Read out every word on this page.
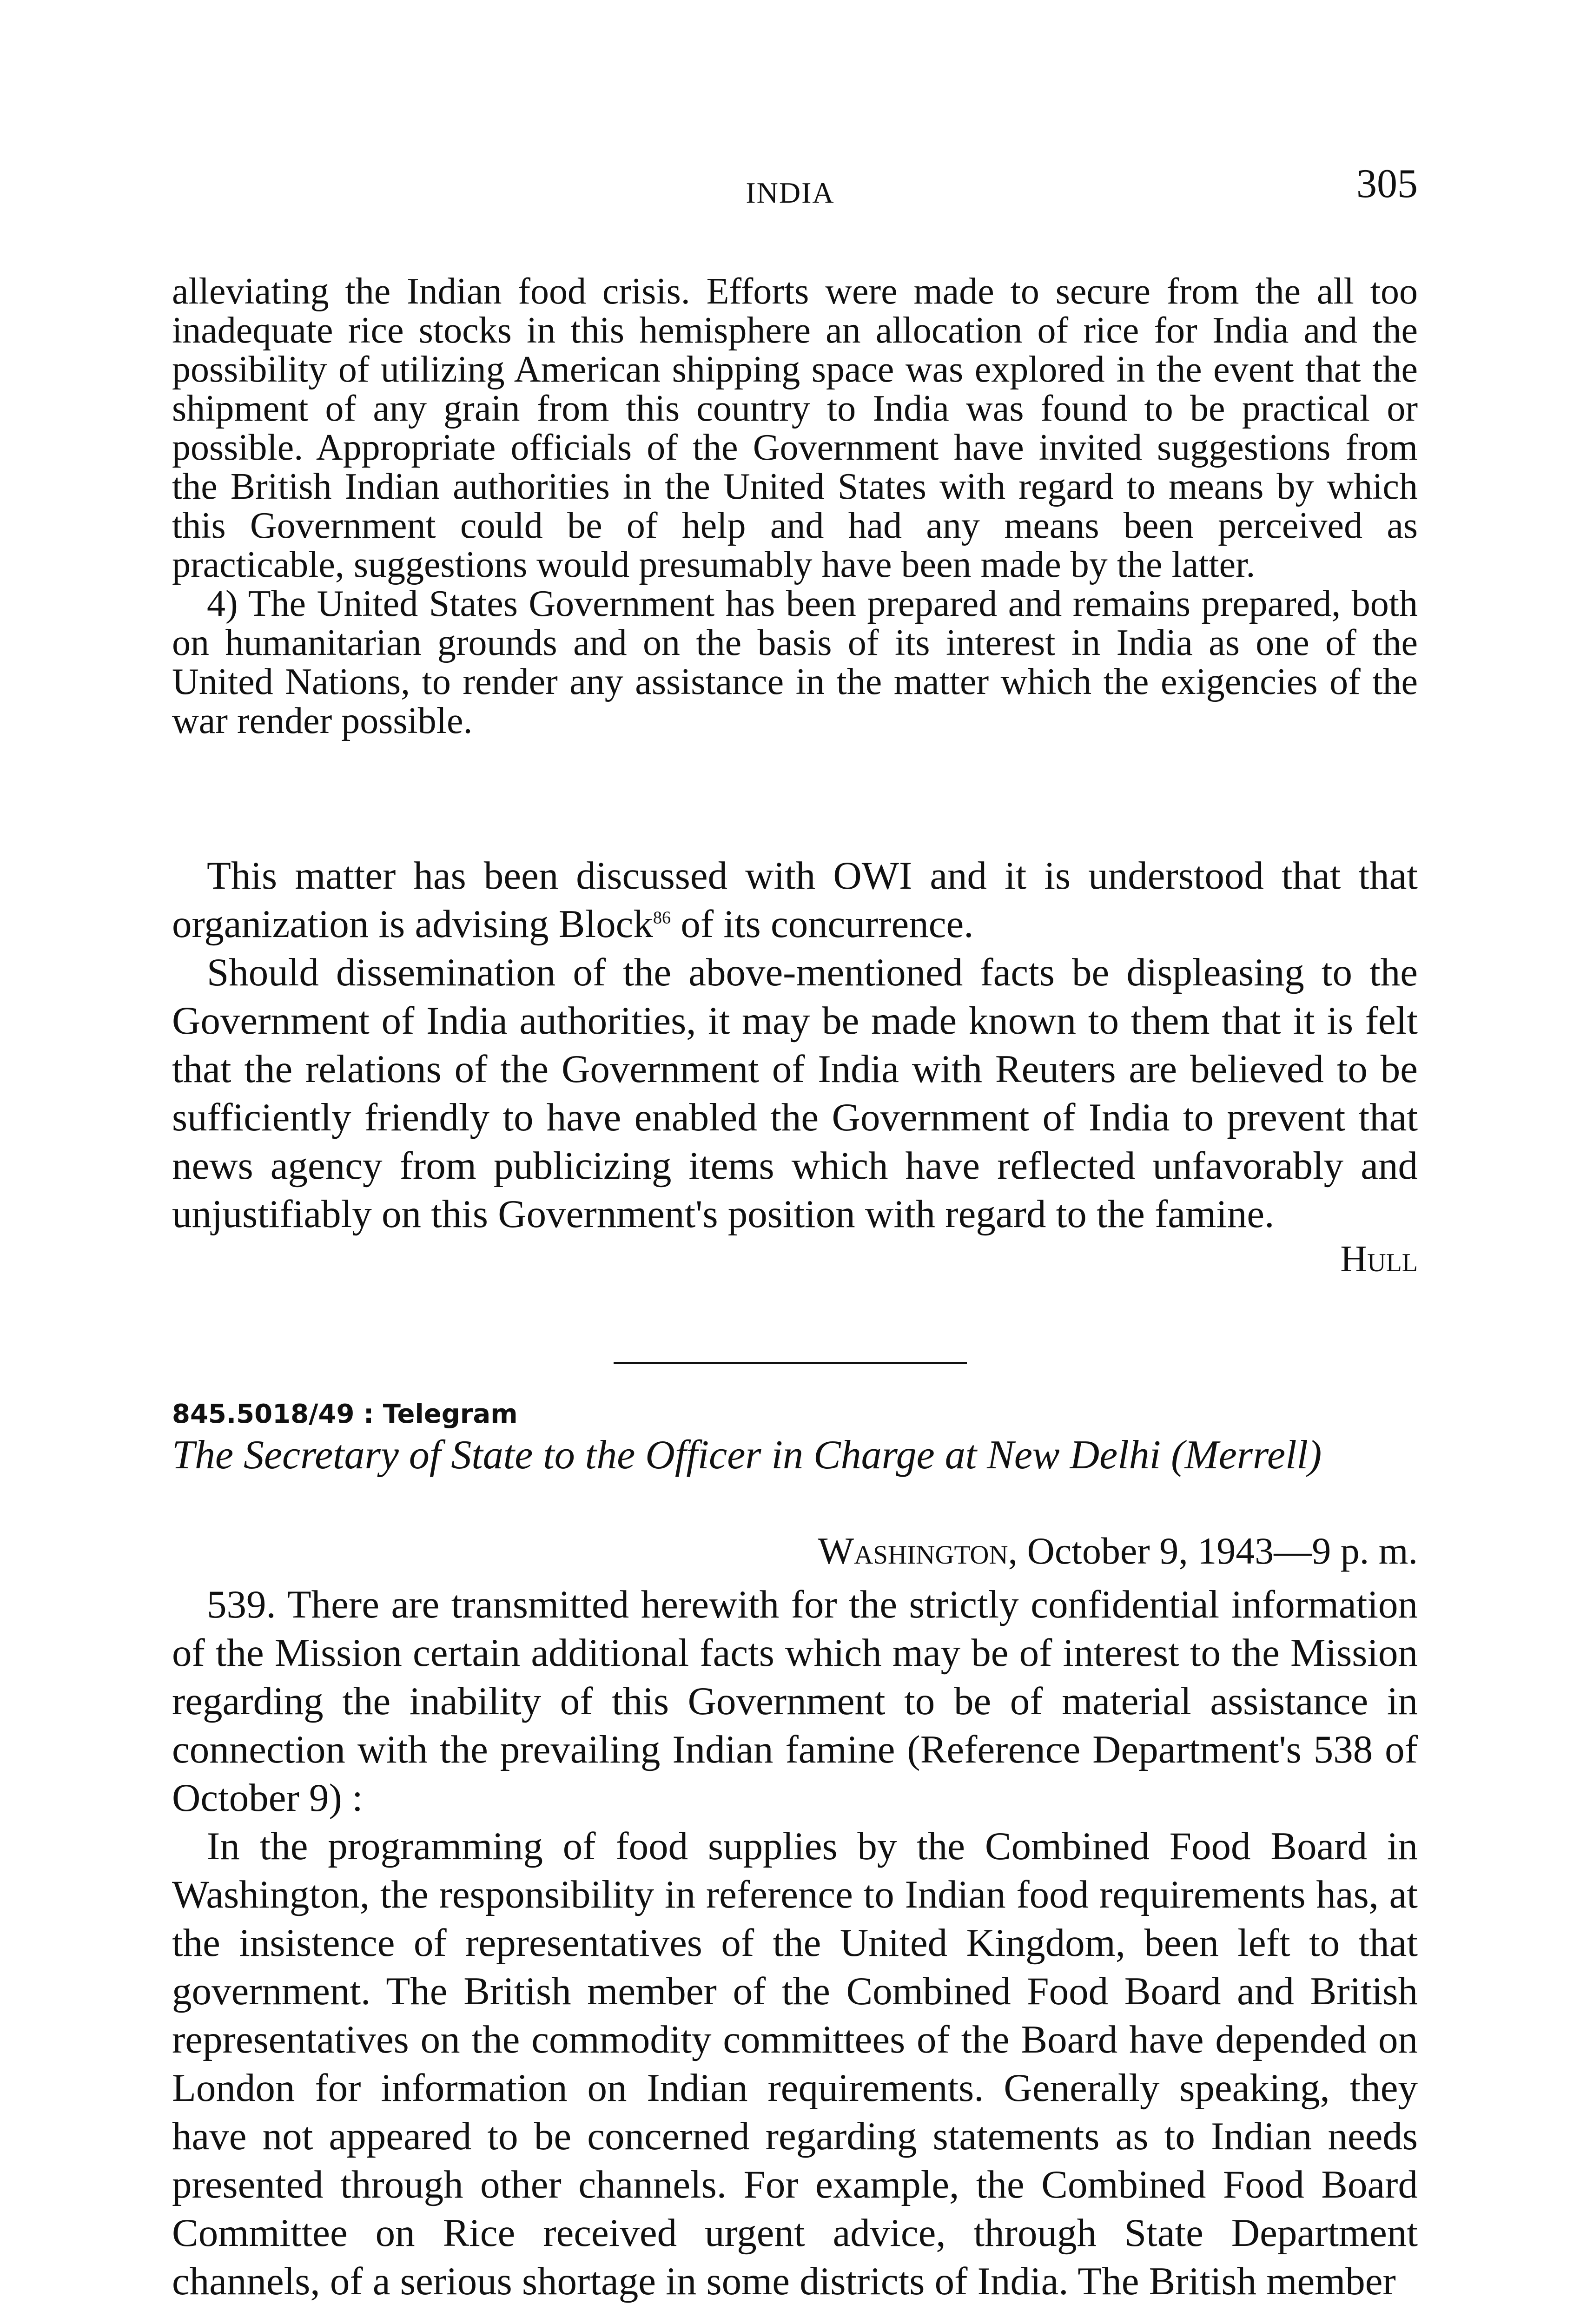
INDIA	305

alleviating the Indian food crisis. Efforts were made to secure from the all too inadequate rice stocks in this hemisphere an allocation of rice for India and the possibility of utilizing American shipping space was explored in the event that the shipment of any grain from this country to India was found to be practical or possible. Appropriate officials of the Government have invited suggestions from the British Indian authorities in the United States with regard to means by which this Government could be of help and had any means been perceived as practicable, suggestions would presumably have been made by the latter.

4) The United States Government has been prepared and remains prepared, both on humanitarian grounds and on the basis of its interest in India as one of the United Nations, to render any assistance in the matter which the exigencies of the war render possible.

This matter has been discussed with OWI and it is understood that that organization is advising Block$^{86}$ of its concurrence.

Should dissemination of the above-mentioned facts be displeasing to the Government of India authorities, it may be made known to them that it is felt that the relations of the Government of India with Reuters are believed to be sufficiently friendly to have enabled the Government of India to prevent that news agency from publicizing items which have reflected unfavorably and unjustifiably on this Government's position with regard to the famine.

Hull

845.5018/49 : Telegram
The Secretary of State to the Officer in Charge at New Delhi (Merrell)
Washington, October 9, 1943—9 p. m.

539. There are transmitted herewith for the strictly confidential information of the Mission certain additional facts which may be of interest to the Mission regarding the inability of this Government to be of material assistance in connection with the prevailing Indian famine (Reference Department's 538 of October 9) :

In the programming of food supplies by the Combined Food Board in Washington, the responsibility in reference to Indian food requirements has, at the insistence of representatives of the United Kingdom, been left to that government. The British member of the Combined Food Board and British representatives on the commodity committees of the Board have depended on London for information on Indian requirements. Generally speaking, they have not appeared to be concerned regarding statements as to Indian needs presented through other channels. For example, the Combined Food Board Committee on Rice received urgent advice, through State Department channels, of a serious shortage in some districts of India. The British member
